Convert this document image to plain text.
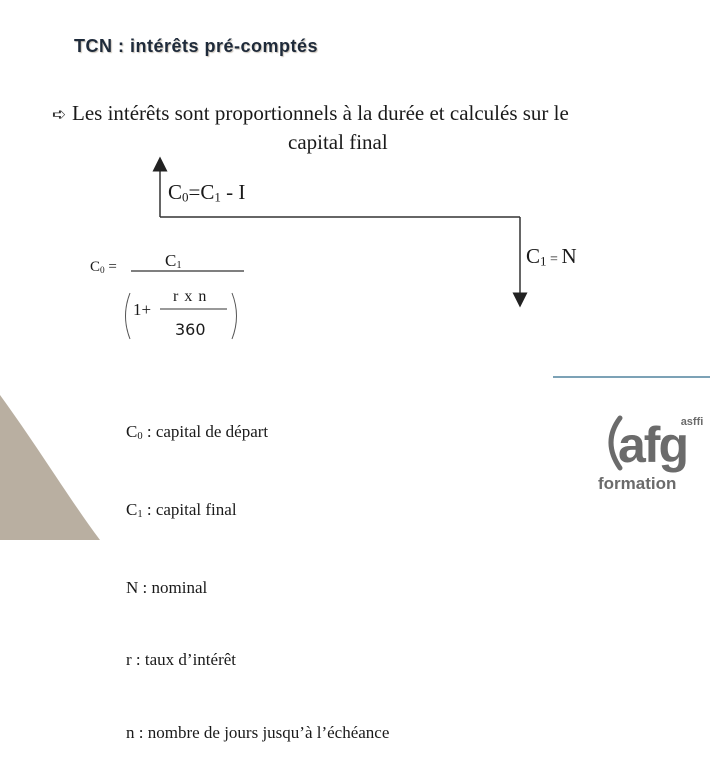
TCN : intérêts pré-comptés
➪ Les intérêts sont proportionnels à la durée et calculés sur le
capital final
$C_0=C_1 - I$
$C_1 = N$
$C_0$ =	$C_1$
1+
r x n
360

$C_0$ : capital de départ

$C_1$ : capital final

N : nominal

r : taux d’intérêt

n : nombre de jours jusqu’à l’échéance

asffi
afg
formation
